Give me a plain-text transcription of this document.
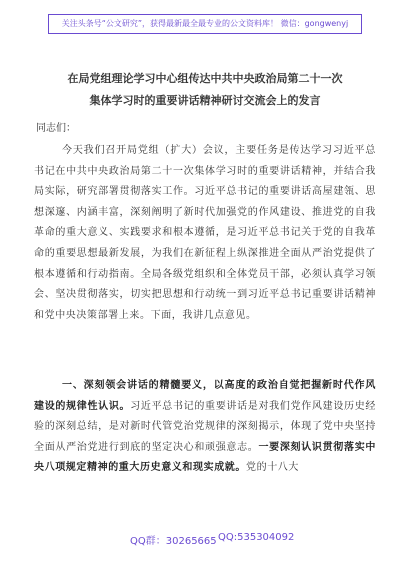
关注头条号“公文研究”，获得最新最全最专业的公文资料库！ 微信：gongwenyj
在局党组理论学习中心组传达中共中央政治局第二十一次
集体学习时的重要讲话精神研讨交流会上的发言
同志们：

今天我们召开局党组（扩大）会议，主要任务是传达学习习近平总书记在中共中央政治局第二十一次集体学习时的重要讲话精神，并结合我局实际，研究部署贯彻落实工作。习近平总书记的重要讲话高屋建瓴、思想深邃、内涵丰富，深刻阐明了新时代加强党的作风建设、推进党的自我革命的重大意义、实践要求和根本遵循，是习近平总书记关于党的自我革命的重要思想最新发展，为我们在新征程上纵深推进全面从严治党提供了根本遵循和行动指南。全局各级党组织和全体党员干部，必须认真学习领会、坚决贯彻落实，切实把思想和行动统一到习近平总书记重要讲话精神和党中央决策部署上来。下面，我讲几点意见。

一、深刻领会讲话的精髓要义，以高度的政治自觉把握新时代作风建设的规律性认识。习近平总书记的重要讲话是对我们党作风建设历史经验的深刻总结，是对新时代管党治党规律的深刻揭示，体现了党中央坚持全面从严治党进行到底的坚定决心和顽强意志。一要深刻认识贯彻落实中央八项规定精神的重大历史意义和现实成就。党的十八大

QQ群：30265665 QQ:535304092
